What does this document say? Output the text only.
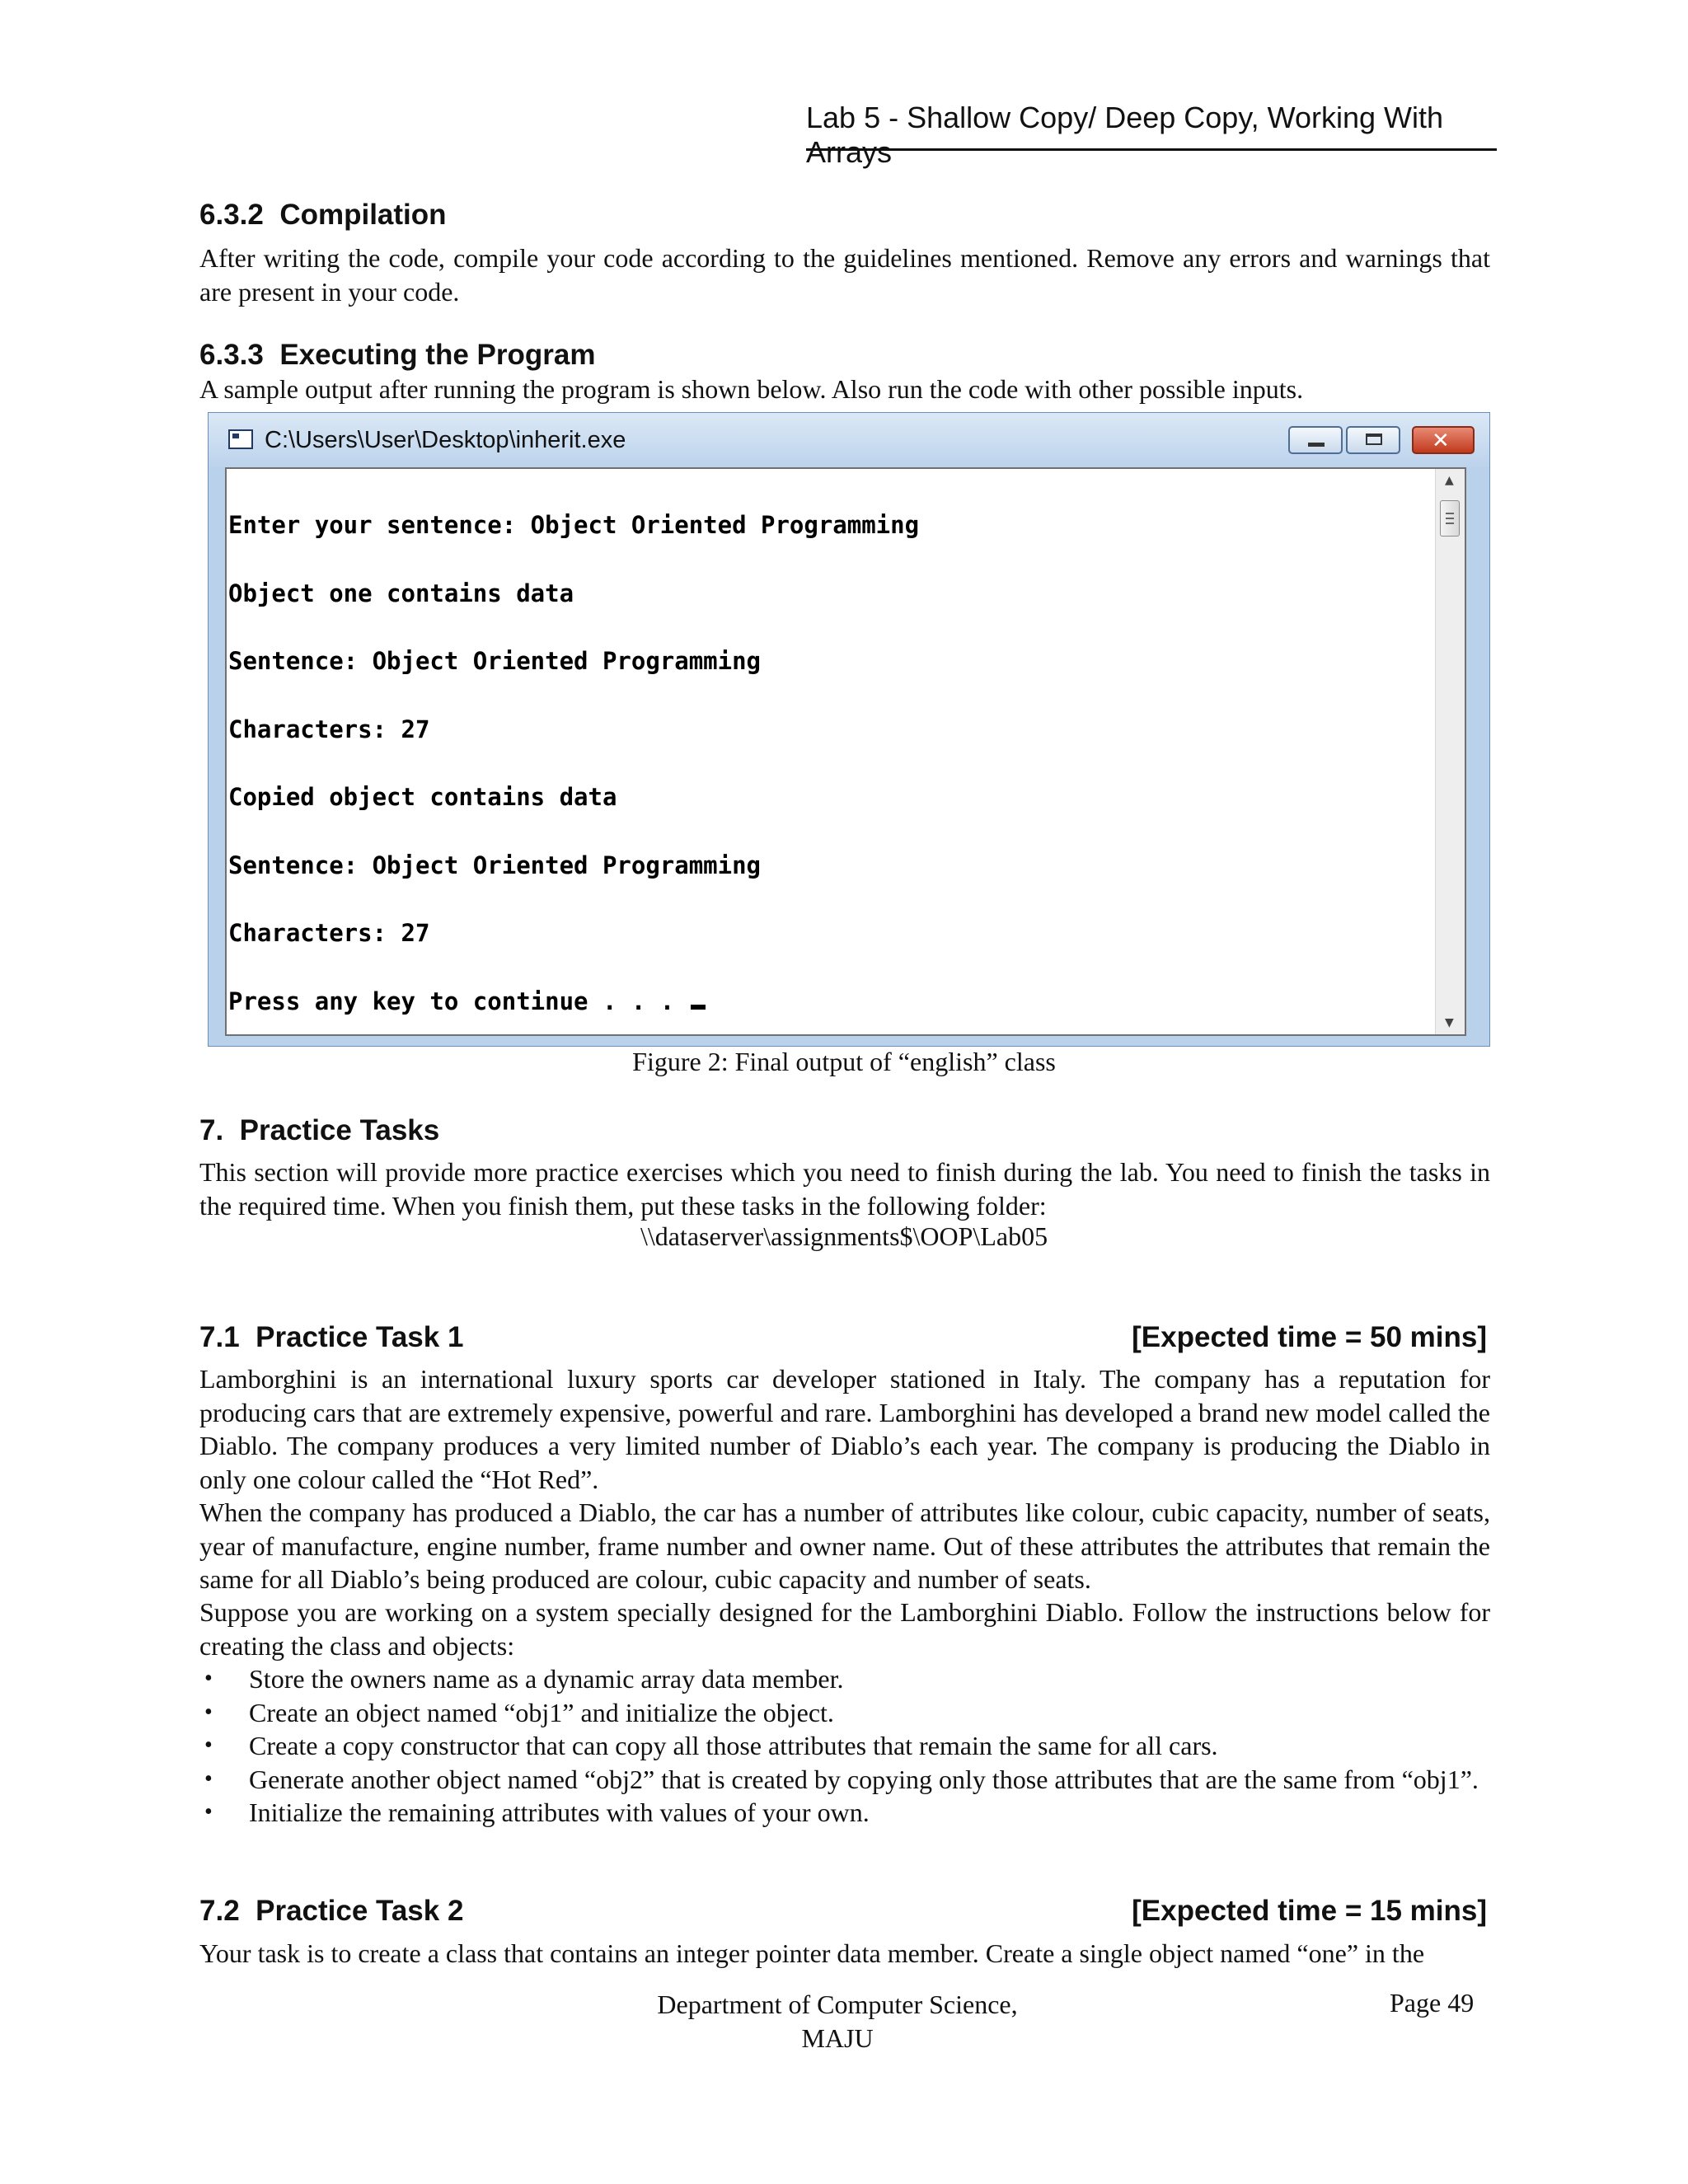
Lab 5 - Shallow Copy/ Deep Copy, Working With Arrays
6.3.2 Compilation
After writing the code, compile your code according to the guidelines mentioned. Remove any errors and warnings that are present in your code.
6.3.3 Executing the Program
A sample output after running the program is shown below. Also run the code with other possible inputs.
C:\Users\User\Desktop\inherit.exe	✕

Enter your sentence: Object Oriented Programming

Object one contains data

Sentence: Object Oriented Programming

Characters: 27

Copied object contains data

Sentence: Object Oriented Programming

Characters: 27

Press any key to continue . . .

▲
▼
Figure 2: Final output of “english” class
7. Practice Tasks
This section will provide more practice exercises which you need to finish during the lab. You need to finish the tasks in the required time. When you finish them, put these tasks in the following folder:
\\dataserver\assignments$\OOP\Lab05
7.1 Practice Task 1	[Expected time = 50 mins]
Lamborghini is an international luxury sports car developer stationed in Italy. The company has a reputation for producing cars that are extremely expensive, powerful and rare. Lamborghini has developed a brand new model called the Diablo. The company produces a very limited number of Diablo’s each year. The company is producing the Diablo in only one colour called the “Hot Red”.
When the company has produced a Diablo, the car has a number of attributes like colour, cubic capacity, number of seats, year of manufacture, engine number, frame number and owner name. Out of these attributes the attributes that remain the same for all Diablo’s being produced are colour, cubic capacity and number of seats.
Suppose you are working on a system specially designed for the Lamborghini Diablo. Follow the instructions below for creating the class and objects:
• Store the owners name as a dynamic array data member.
• Create an object named “obj1” and initialize the object.
• Create a copy constructor that can copy all those attributes that remain the same for all cars.
• Generate another object named “obj2” that is created by copying only those attributes that are the same from “obj1”.
• Initialize the remaining attributes with values of your own.
7.2 Practice Task 2	[Expected time = 15 mins]
Your task is to create a class that contains an integer pointer data member. Create a single object named “one” in the
Department of Computer Science,
MAJU
Page 49
